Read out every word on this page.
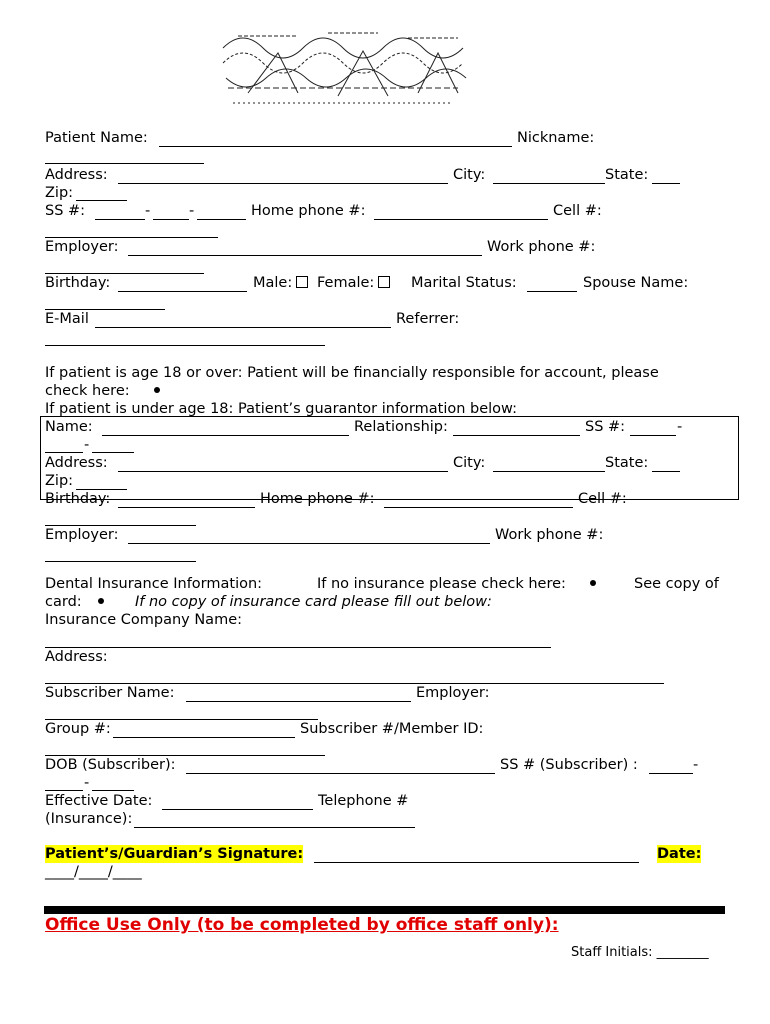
Patient Name:	Nickname:
Address:	City:	State:
Zip:
SS #:	-	-	Home phone #:	Cell #:
Employer:	Work phone #:
Birthday:	Male:	Female:	Marital Status:	Spouse Name:
E-Mail	Referrer:
If patient is age 18 or over: Patient will be financially responsible for account, please
check here:
If patient is under age 18: Patient’s guarantor information below:
Name:	Relationship:	SS #:	-
-
Address:	City:	State:
Zip:
Birthday:	Home phone #:	Cell #:
Employer:	Work phone #:
Dental Insurance Information:	If no insurance please check here:	See copy of
card:	If no copy of insurance card please fill out below:
Insurance Company Name:
Address:
Subscriber Name:	Employer:
Group #:	Subscriber #/Member ID:
DOB (Subscriber):	SS # (Subscriber) :	-
-
Effective Date:	Telephone #
(Insurance):
Patient’s/Guardian’s Signature:	Date:
____/____/____
Office Use Only (to be completed by office staff only):
Staff Initials: ________
